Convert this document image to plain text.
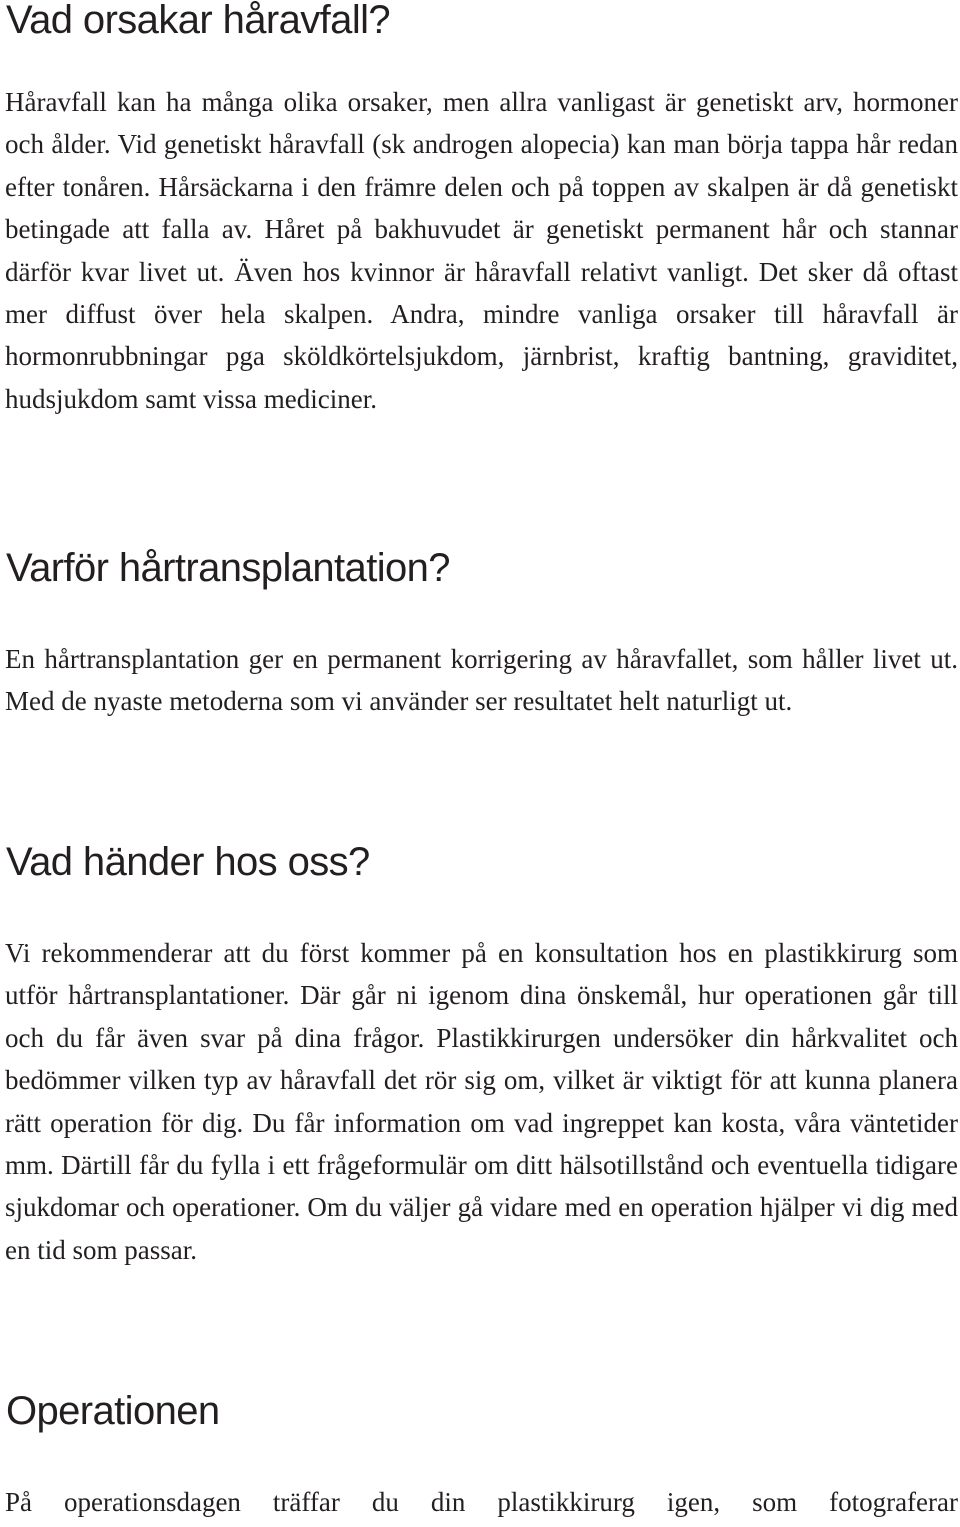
Vad orsakar håravfall?

Håravfall kan ha många olika orsaker, men allra vanligast är genetiskt arv, hormoner och ålder. Vid genetiskt håravfall (sk androgen alopecia) kan man börja tappa hår redan efter tonåren. Hårsäckarna i den främre delen och på toppen av skalpen är då genetiskt betingade att falla av. Håret på bakhuvudet är genetiskt permanent hår och stannar därför kvar livet ut. Även hos kvinnor är håravfall relativt vanligt. Det sker då oftast mer diffust över hela skalpen. Andra, mindre vanliga orsaker till håravfall är hormonrubbningar pga sköldkörtelsjukdom, järnbrist, kraftig bantning, graviditet, hudsjukdom samt vissa mediciner.

Varför hårtransplantation?

En hårtransplantation ger en permanent korrigering av håravfallet, som håller livet ut. Med de nyaste metoderna som vi använder ser resultatet helt naturligt ut.

Vad händer hos oss?

Vi rekommenderar att du först kommer på en konsultation hos en plastikkirurg som utför hårtransplantationer. Där går ni igenom dina önskemål, hur operationen går till och du får även svar på dina frågor. Plastikkirurgen undersöker din hårkvalitet och bedömmer vilken typ av håravfall det rör sig om, vilket är viktigt för att kunna planera rätt operation för dig. Du får information om vad ingreppet kan kosta, våra väntetider mm. Därtill får du fylla i ett frågeformulär om ditt hälsotillstånd och eventuella tidigare sjukdomar och operationer. Om du väljer gå vidare med en operation hjälper vi dig med en tid som passar.

Operationen

På operationsdagen träffar du din plastikkirurg igen, som fotograferar
